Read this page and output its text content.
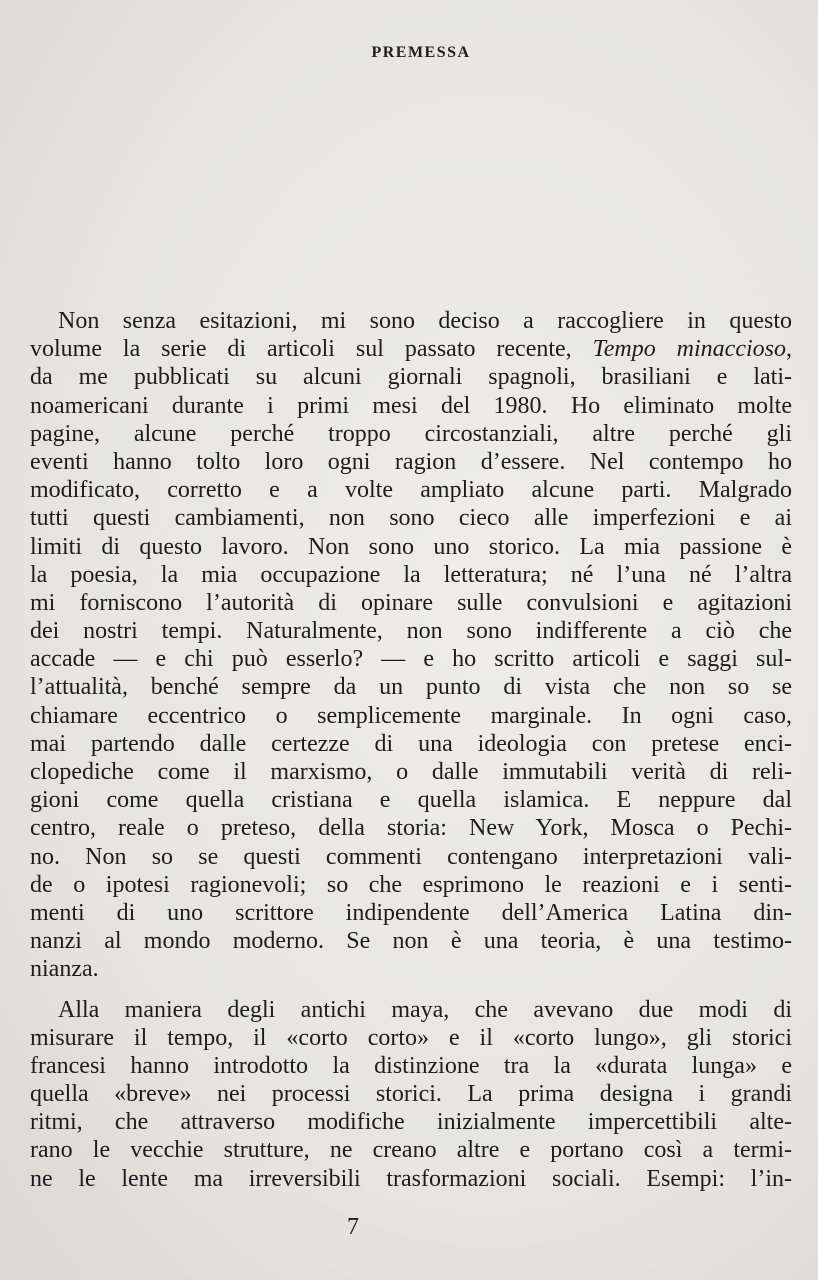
PREMESSA
Non senza esitazioni, mi sono deciso a raccogliere in questo
volume la serie di articoli sul passato recente, Tempo minaccioso,
da me pubblicati su alcuni giornali spagnoli, brasiliani e lati-
noamericani durante i primi mesi del 1980. Ho eliminato molte
pagine, alcune perché troppo circostanziali, altre perché gli
eventi hanno tolto loro ogni ragion d’essere. Nel contempo ho
modificato, corretto e a volte ampliato alcune parti. Malgrado
tutti questi cambiamenti, non sono cieco alle imperfezioni e ai
limiti di questo lavoro. Non sono uno storico. La mia passione è
la poesia, la mia occupazione la letteratura; né l’una né l’altra
mi forniscono l’autorità di opinare sulle convulsioni e agitazioni
dei nostri tempi. Naturalmente, non sono indifferente a ciò che
accade — e chi può esserlo? — e ho scritto articoli e saggi sul-
l’attualità, benché sempre da un punto di vista che non so se
chiamare eccentrico o semplicemente marginale. In ogni caso,
mai partendo dalle certezze di una ideologia con pretese enci-
clopediche come il marxismo, o dalle immutabili verità di reli-
gioni come quella cristiana e quella islamica. E neppure dal
centro, reale o preteso, della storia: New York, Mosca o Pechi-
no. Non so se questi commenti contengano interpretazioni vali-
de o ipotesi ragionevoli; so che esprimono le reazioni e i senti-
menti di uno scrittore indipendente dell’America Latina din-
nanzi al mondo moderno. Se non è una teoria, è una testimo-
nianza.
Alla maniera degli antichi maya, che avevano due modi di
misurare il tempo, il «corto corto» e il «corto lungo», gli storici
francesi hanno introdotto la distinzione tra la «durata lunga» e
quella «breve» nei processi storici. La prima designa i grandi
ritmi, che attraverso modifiche inizialmente impercettibili alte-
rano le vecchie strutture, ne creano altre e portano così a termi-
ne le lente ma irreversibili trasformazioni sociali. Esempi: l’in-
7
